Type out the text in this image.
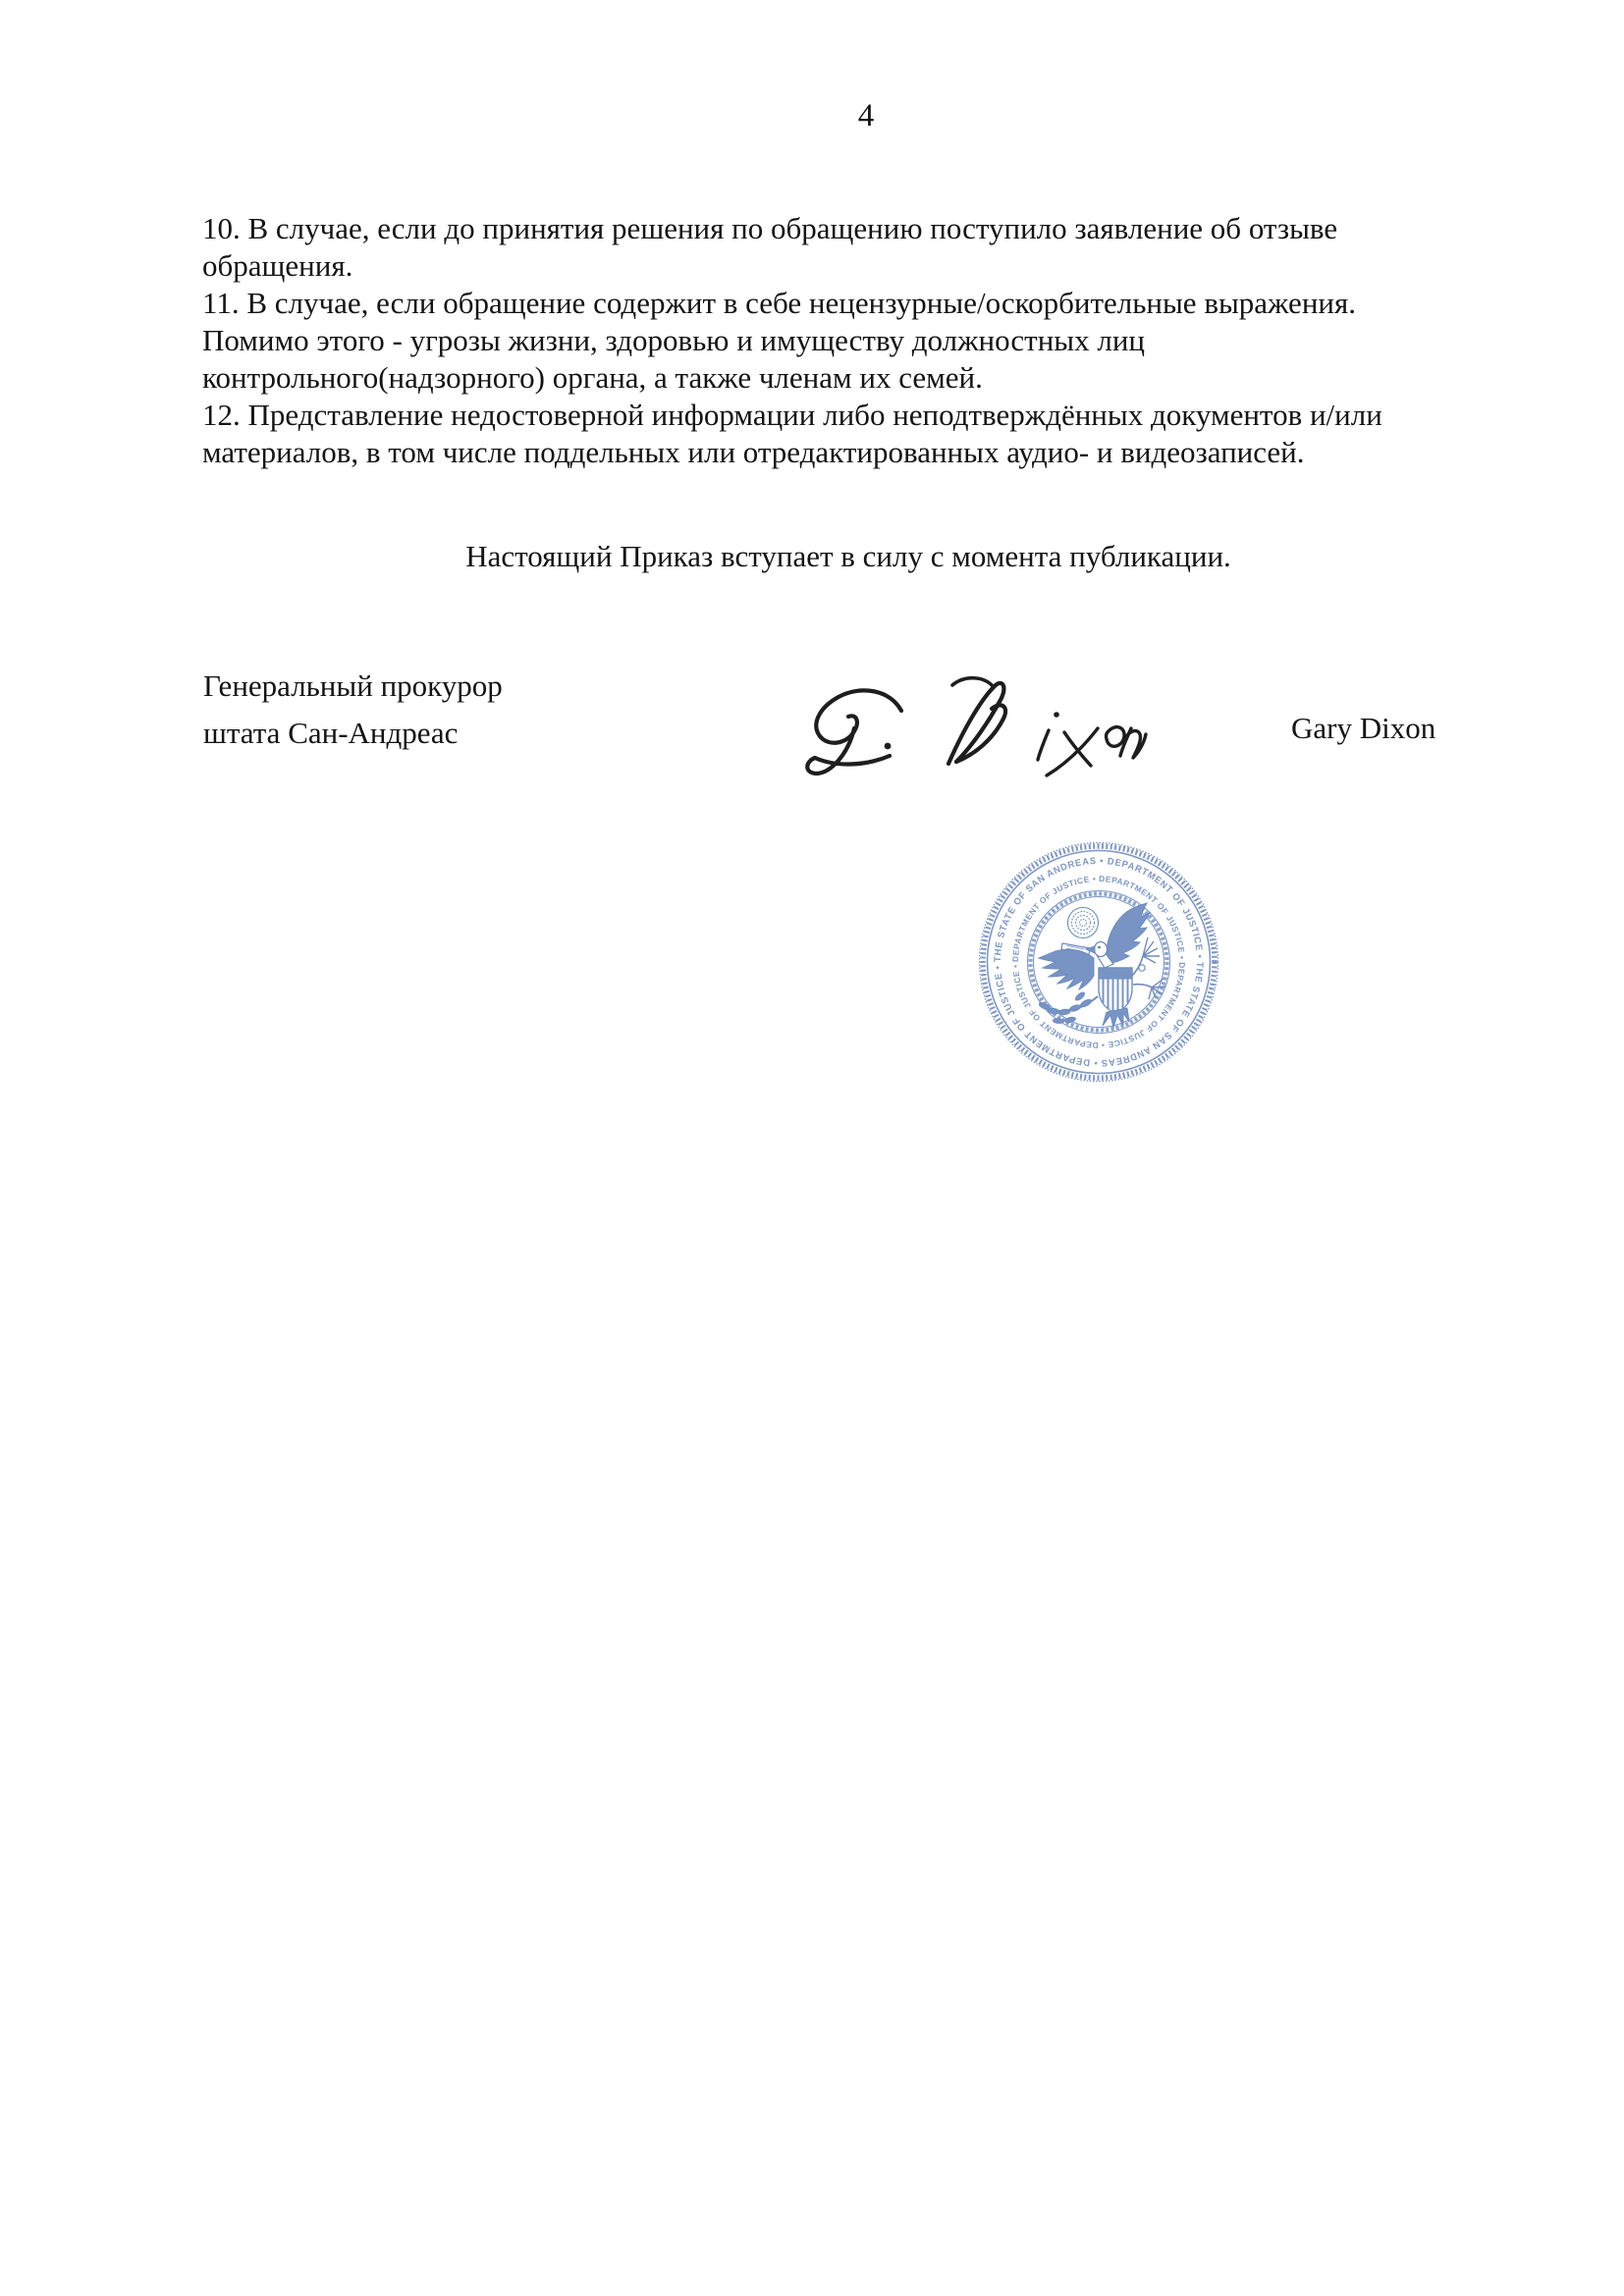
4
10. В случае, если до принятия решения по обращению поступило заявление об отзыве
обращения.
11. В случае, если обращение содержит в себе нецензурные/оскорбительные выражения.
Помимо этого - угрозы жизни, здоровью и имуществу должностных лиц
контрольного(надзорного) органа, а также членам их семей.
12. Представление недостоверной информации либо неподтверждённых документов и/или
материалов, в том числе поддельных или отредактированных аудио- и видеозаписей.
Настоящий Приказ вступает в силу с момента публикации.
Генеральный прокурор
штата Сан-Андреас	Gary Dixon
THE STATE OF SAN ANDREAS • DEPARTMENT OF JUSTICE • THE STATE OF SAN ANDREAS • DEPARTMENT OF JUSTICE •
DEPARTMENT OF JUSTICE • DEPARTMENT OF JUSTICE • DEPARTMENT OF JUSTICE • DEPARTMENT OF JUSTICE •
